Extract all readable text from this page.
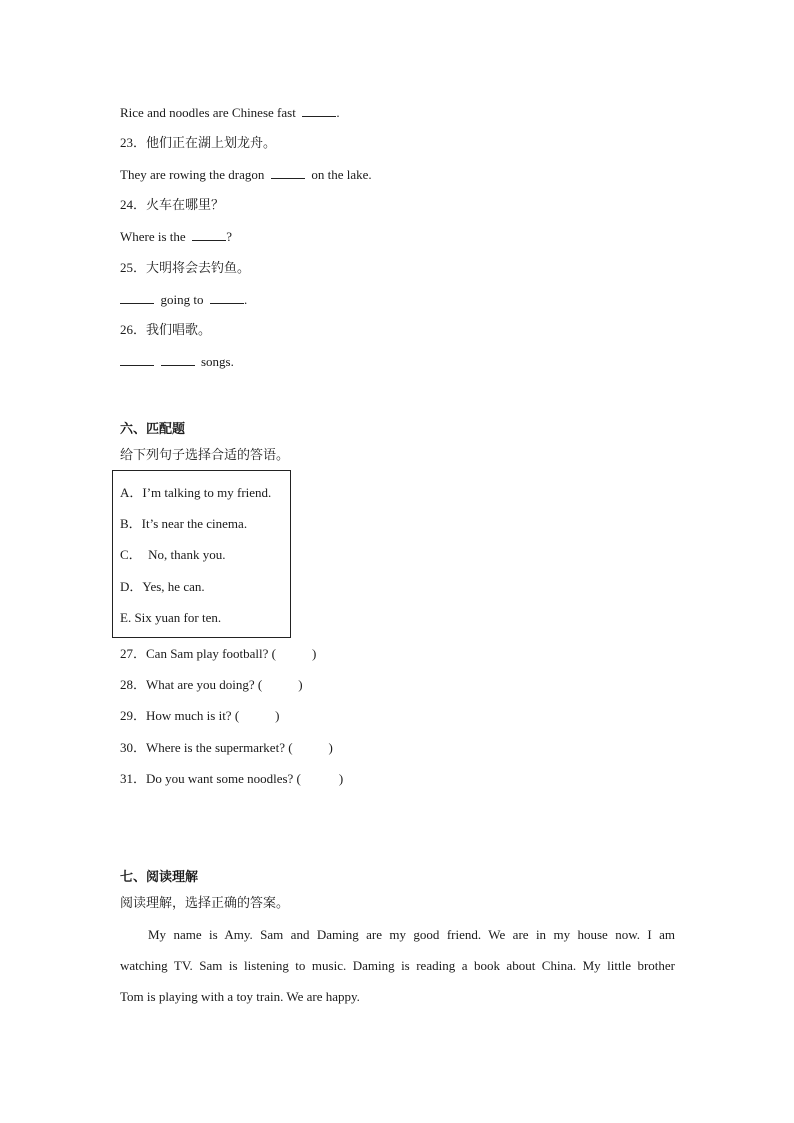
Rice and noodles are Chinese fast	.
23．他们正在湖上划龙舟。
They are rowing the dragon	on the lake.
24．火车在哪里？
Where is the	?
25．大明将会去钓鱼。
going to	.
26．我们唱歌。
songs.
六、匹配题
给下列句子选择合适的答语。
A．I’m talking to my friend.
B．It’s near the cinema.
C．  No, thank you.
D．Yes, he can.
E. Six yuan for ten.
27．Can Sam play football? (	)
28．What are you doing? (	)
29．How much is it? (	)
30．Where is the supermarket? (	)
31．Do you want some noodles? (	)
七、阅读理解
阅读理解，选择正确的答案。
My name is Amy. Sam and Daming are my good friend. We are in my house now. I am
watching TV. Sam is listening to music. Daming is reading a book about China. My little brother
Tom is playing with a toy train. We are happy.
